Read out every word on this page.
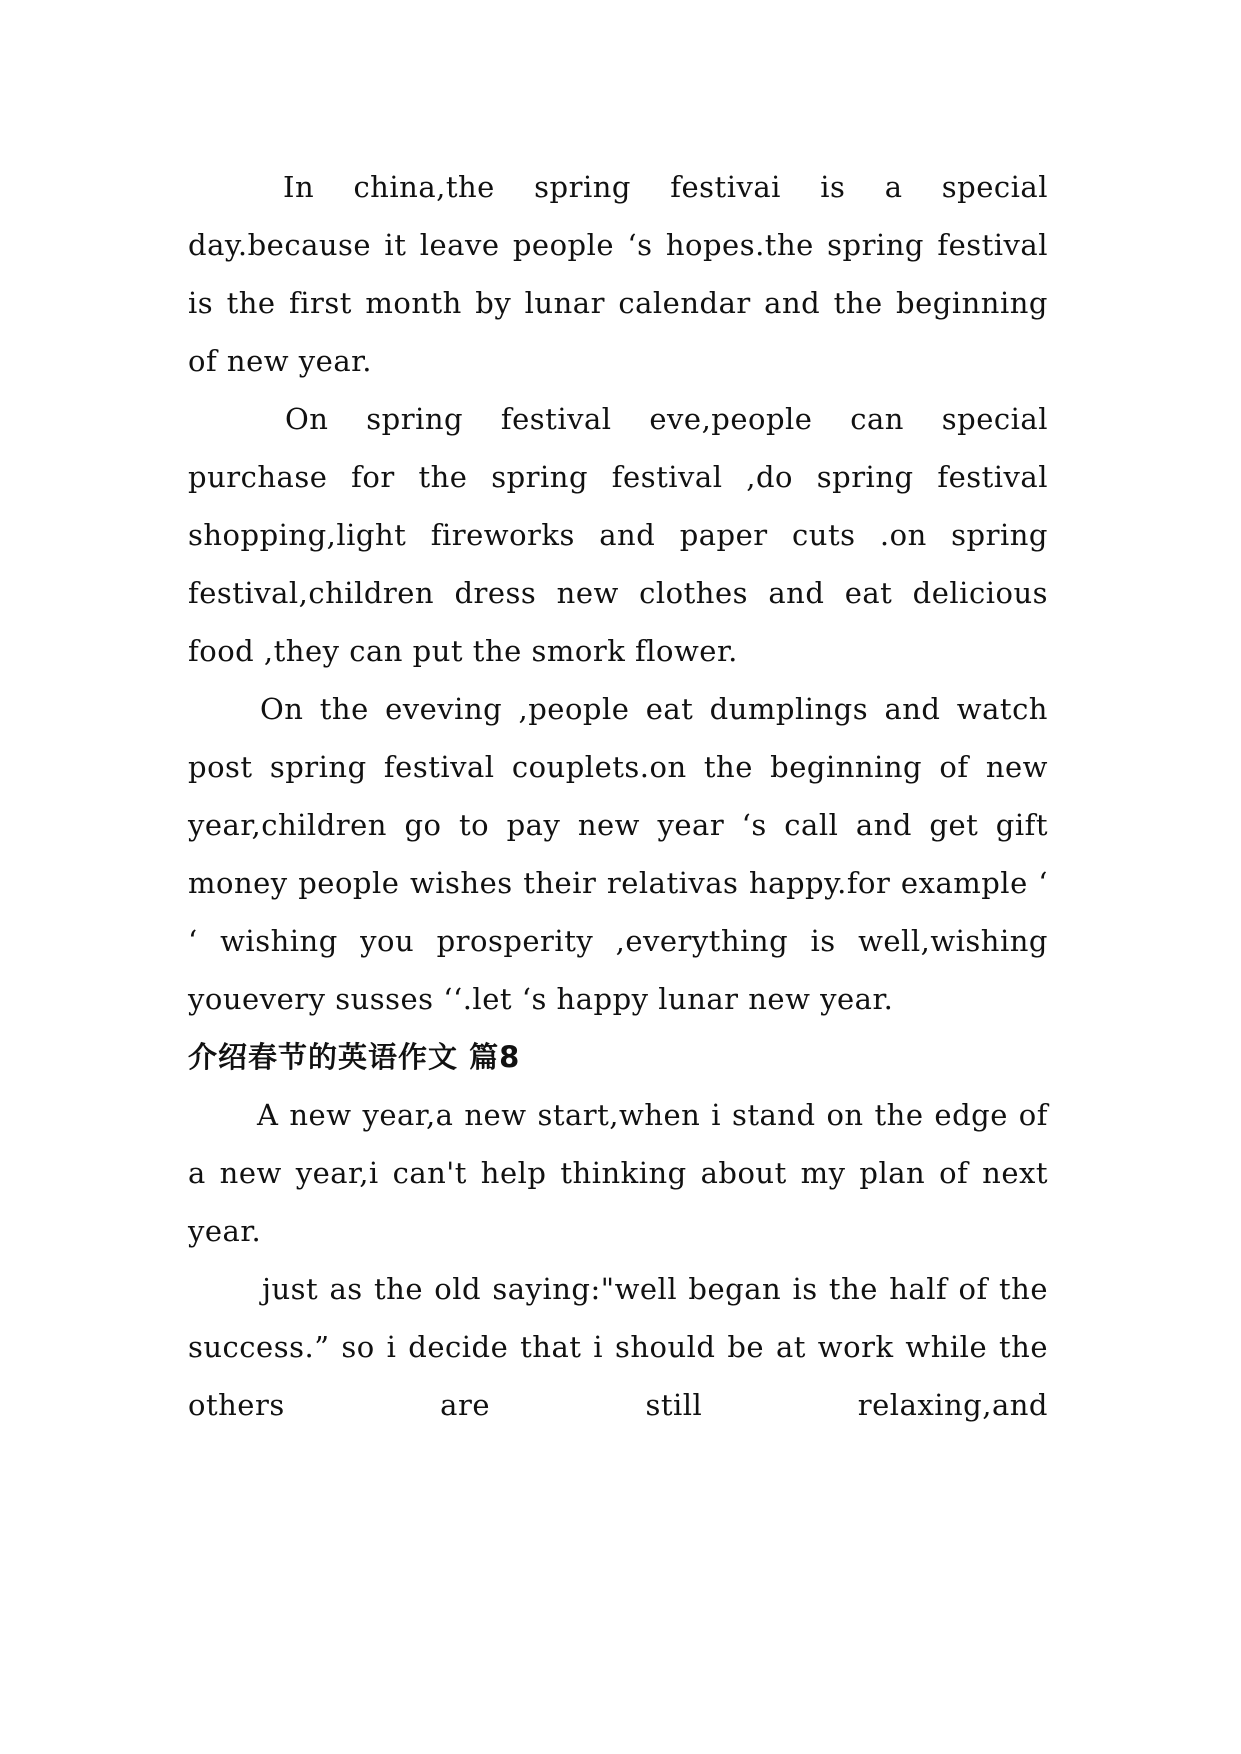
In china,the spring festivai is a special day.because it leave people ‘s hopes.the spring festival is the first month by lunar calendar and the beginning of new year.

On spring festival eve,people can special purchase for the spring festival ,do spring festival shopping,light fireworks and paper cuts .on spring festival,children dress new clothes and eat delicious food ,they can put the smork flower.

On the eveving ,people eat dumplings and watch post spring festival couplets.on the beginning of new year,children go to pay new year ‘s call and get gift money people wishes their relativas happy.for example ‘ ‘ wishing you prosperity ,everything is well,wishing youevery susses ‘‘.let ‘s happy lunar new year.

介绍春节的英语作文 篇8

A new year,a new start,when i stand on the edge of a new year,i can't help thinking about my plan of next year.

just as the old saying:"well began is the half of the success.” so i decide that i should be at work while the others are still relaxing,and
